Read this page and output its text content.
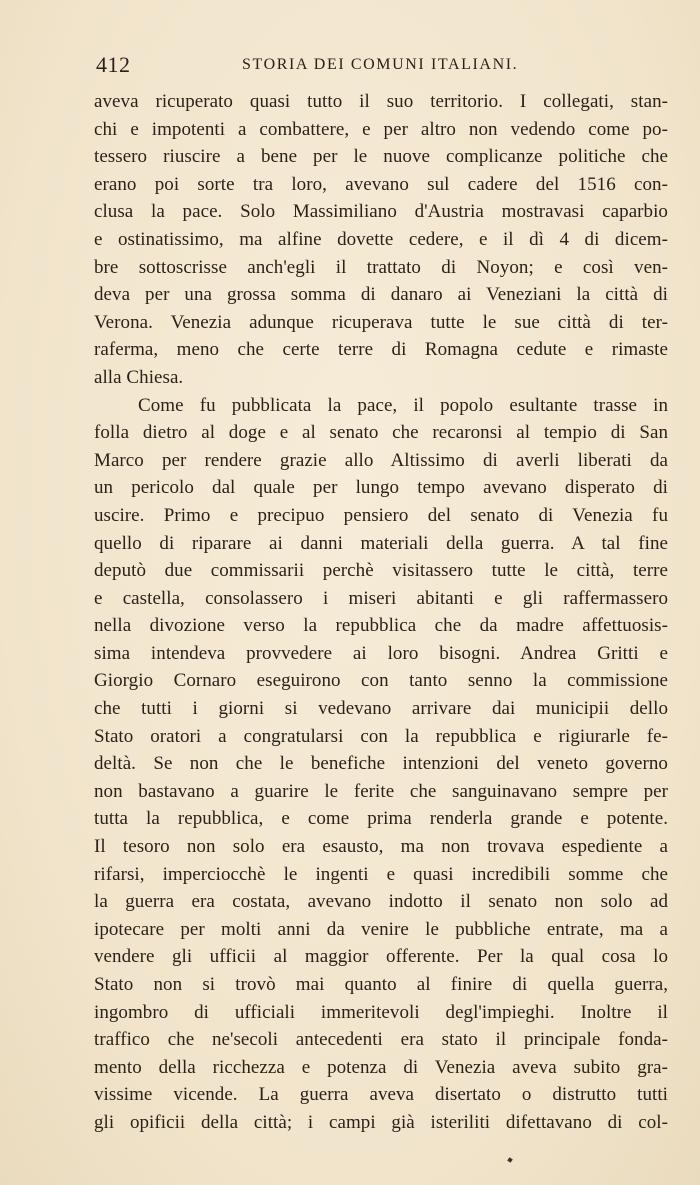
412	STORIA DEI COMUNI ITALIANI.
aveva ricuperato quasi tutto il suo territorio. I collegati, stan-
chi e impotenti a combattere, e per altro non vedendo come po-
tessero riuscire a bene per le nuove complicanze politiche che
erano poi sorte tra loro, avevano sul cadere del 1516 con-
clusa la pace. Solo Massimiliano d'Austria mostravasi caparbio
e ostinatissimo, ma alfine dovette cedere, e il dì 4 di dicem-
bre sottoscrisse anch'egli il trattato di Noyon; e così ven-
deva per una grossa somma di danaro ai Veneziani la città di
Verona. Venezia adunque ricuperava tutte le sue città di ter-
raferma, meno che certe terre di Romagna cedute e rimaste
alla Chiesa.
Come fu pubblicata la pace, il popolo esultante trasse in
folla dietro al doge e al senato che recaronsi al tempio di San
Marco per rendere grazie allo Altissimo di averli liberati da
un pericolo dal quale per lungo tempo avevano disperato di
uscire. Primo e precipuo pensiero del senato di Venezia fu
quello di riparare ai danni materiali della guerra. A tal fine
deputò due commissarii perchè visitassero tutte le città, terre
e castella, consolassero i miseri abitanti e gli raffermassero
nella divozione verso la repubblica che da madre affettuosis-
sima intendeva provvedere ai loro bisogni. Andrea Gritti e
Giorgio Cornaro eseguirono con tanto senno la commissione
che tutti i giorni si vedevano arrivare dai municipii dello
Stato oratori a congratularsi con la repubblica e rigiurarle fe-
deltà. Se non che le benefiche intenzioni del veneto governo
non bastavano a guarire le ferite che sanguinavano sempre per
tutta la repubblica, e come prima renderla grande e potente.
Il tesoro non solo era esausto, ma non trovava espediente a
rifarsi, imperciocchè le ingenti e quasi incredibili somme che
la guerra era costata, avevano indotto il senato non solo ad
ipotecare per molti anni da venire le pubbliche entrate, ma a
vendere gli ufficii al maggior offerente. Per la qual cosa lo
Stato non si trovò mai quanto al finire di quella guerra,
ingombro di ufficiali immeritevoli degl'impieghi. Inoltre il
traffico che ne'secoli antecedenti era stato il principale fonda-
mento della ricchezza e potenza di Venezia aveva subito gra-
vissime vicende. La guerra aveva disertato o distrutto tutti
gli opificii della città; i campi già isteriliti difettavano di col-
